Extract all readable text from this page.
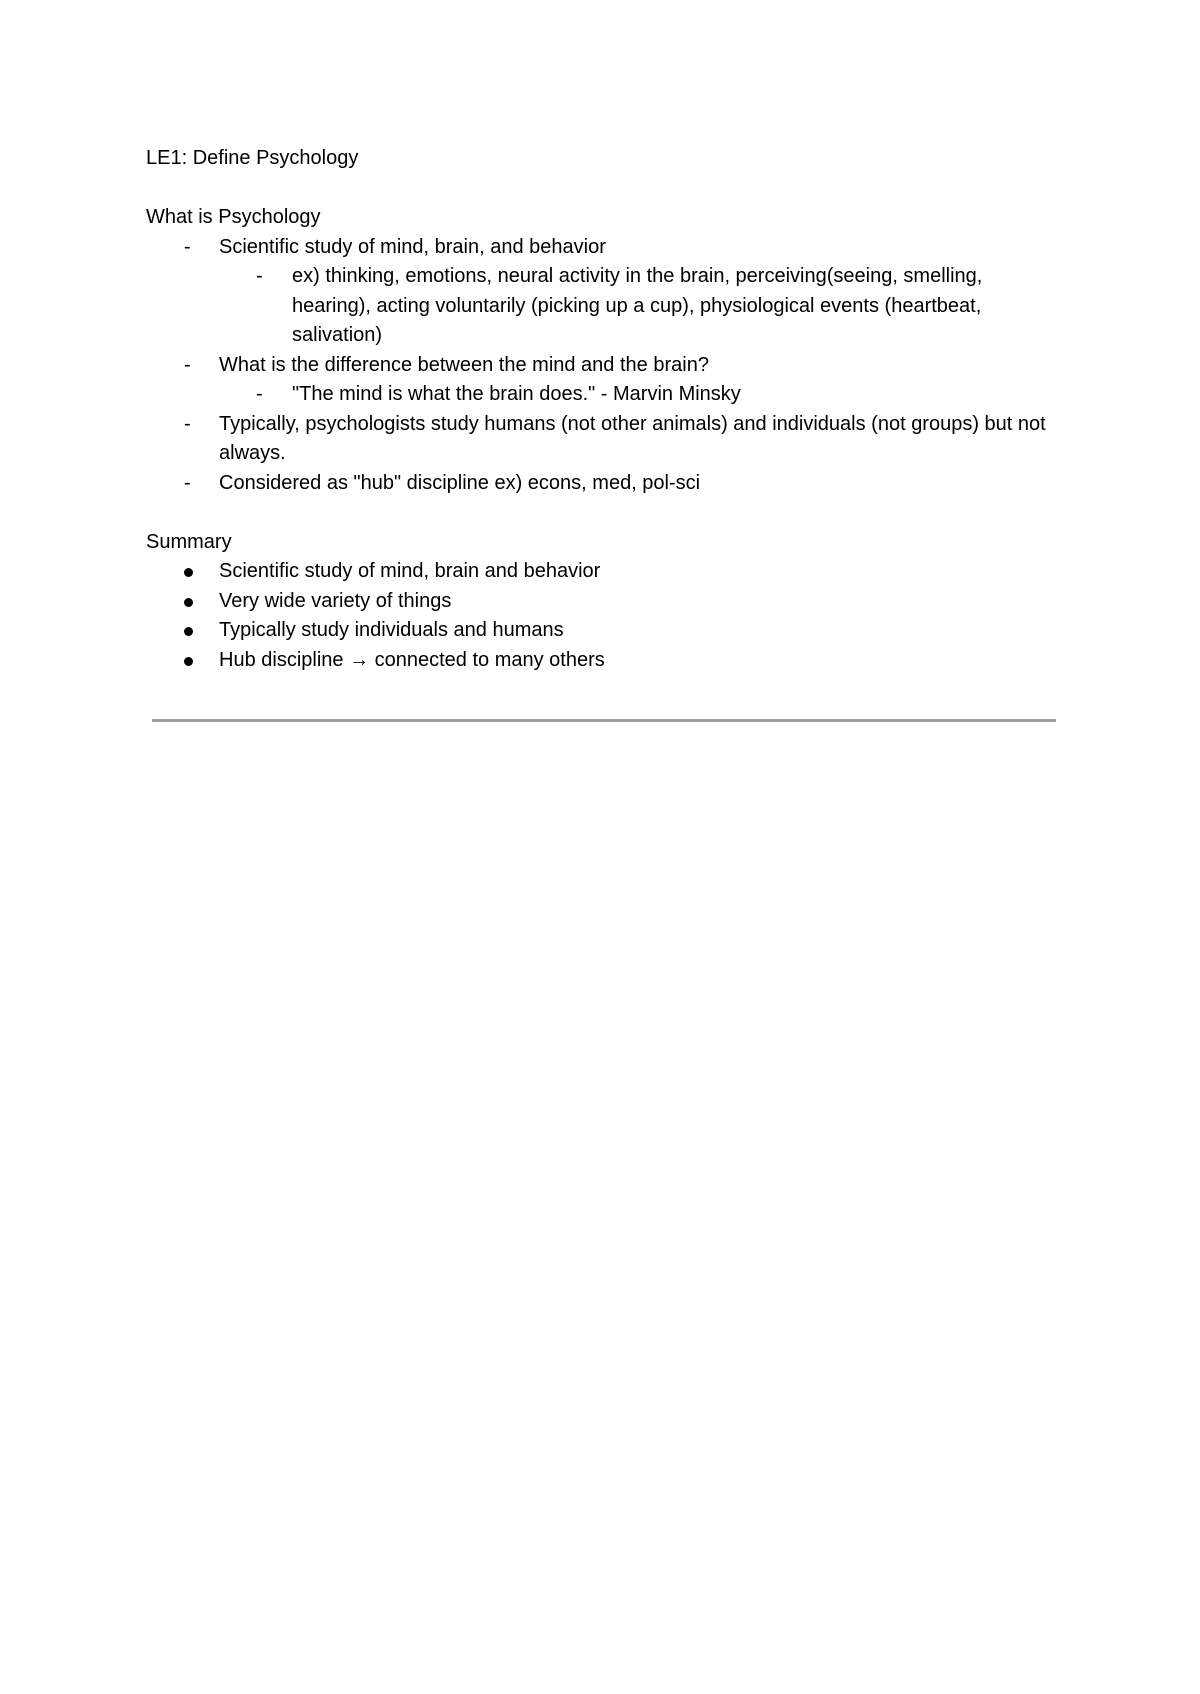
LE1: Define Psychology
What is Psychology
-	Scientific study of mind, brain, and behavior
-	ex) thinking, emotions, neural activity in the brain, perceiving(seeing, smelling, hearing), acting voluntarily (picking up a cup), physiological events (heartbeat, salivation)
-	What is the difference between the mind and the brain?
-	"The mind is what the brain does." - Marvin Minsky
-	Typically, psychologists study humans (not other animals) and individuals (not groups) but not always.
-	Considered as "hub" discipline ex) econs, med, pol-sci
Summary
Scientific study of mind, brain and behavior
Very wide variety of things
Typically study individuals and humans
Hub discipline → connected to many others
